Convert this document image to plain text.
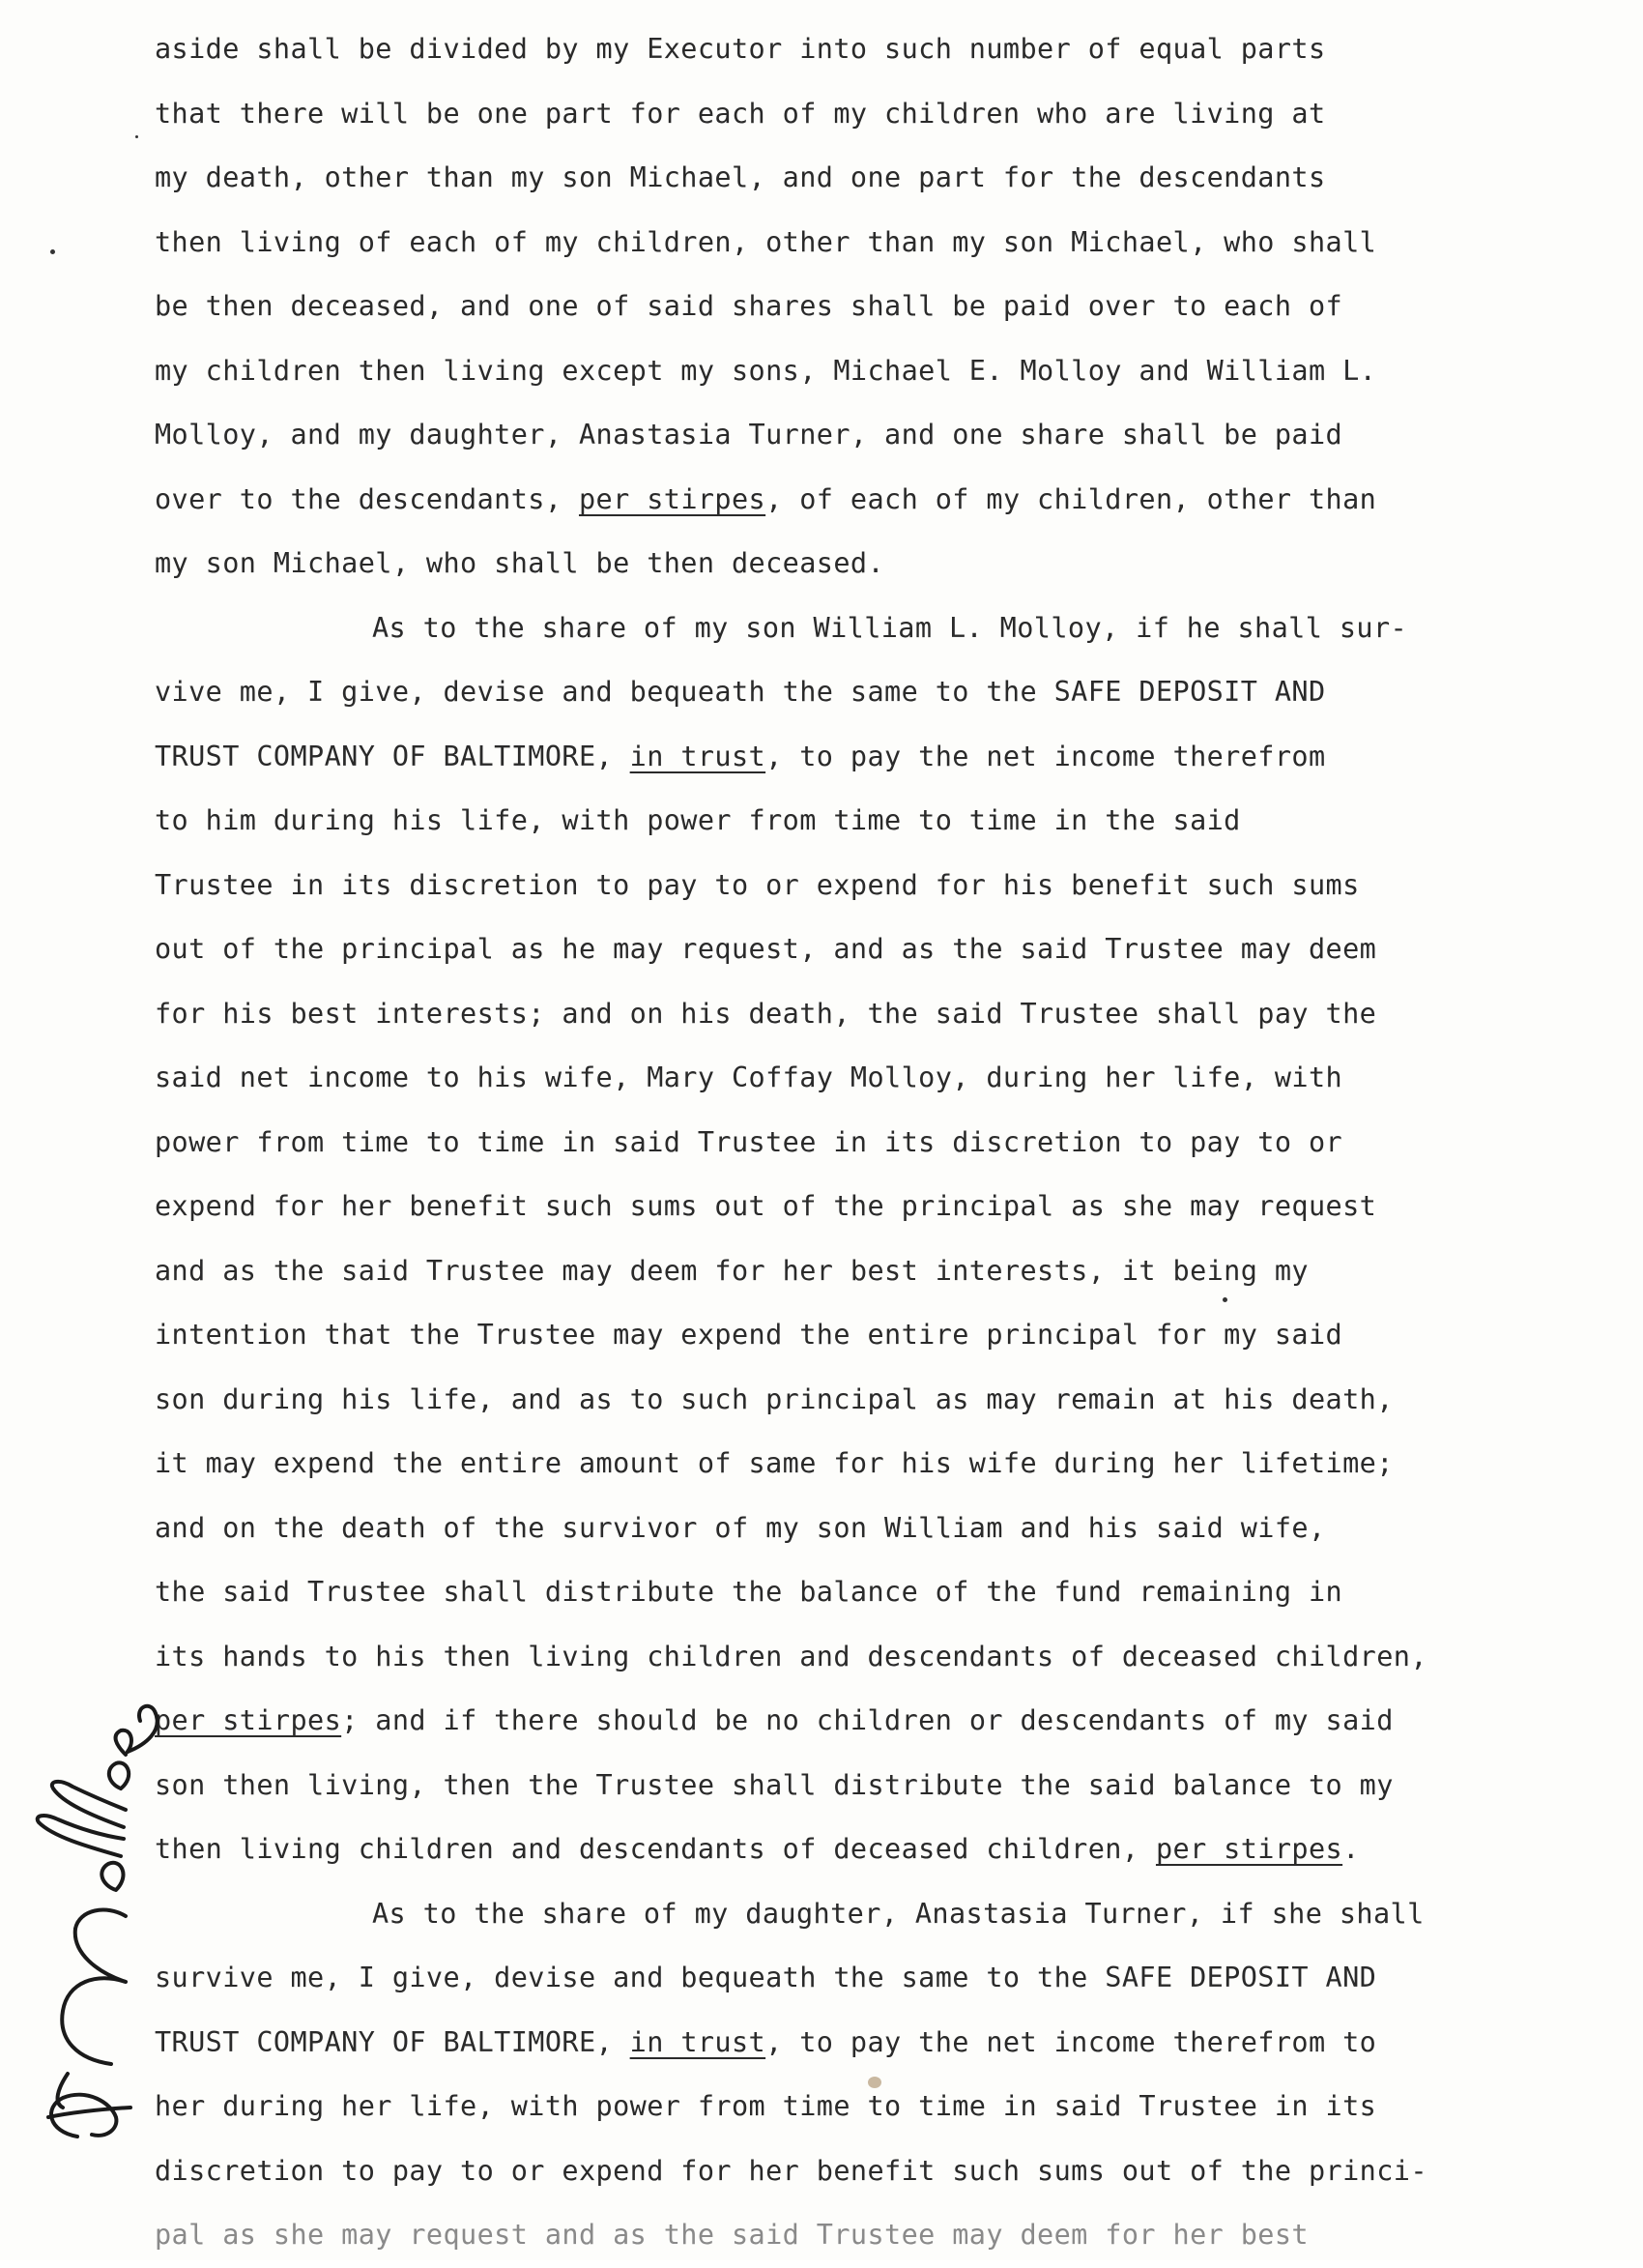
aside shall be divided by my Executor into such number of equal parts
that there will be one part for each of my children who are living at
my death, other than my son Michael, and one part for the descendants
then living of each of my children, other than my son Michael, who shall
be then deceased, and one of said shares shall be paid over to each of
my children then living except my sons, Michael E. Molloy and William L.
Molloy, and my daughter, Anastasia Turner, and one share shall be paid
over to the descendants, per stirpes, of each of my children, other than
my son Michael, who shall be then deceased.
As to the share of my son William L. Molloy, if he shall sur-
vive me, I give, devise and bequeath the same to the SAFE DEPOSIT AND
TRUST COMPANY OF BALTIMORE, in trust, to pay the net income therefrom
to him during his life, with power from time to time in the said
Trustee in its discretion to pay to or expend for his benefit such sums
out of the principal as he may request, and as the said Trustee may deem
for his best interests; and on his death, the said Trustee shall pay the
said net income to his wife, Mary Coffay Molloy, during her life, with
power from time to time in said Trustee in its discretion to pay to or
expend for her benefit such sums out of the principal as she may request
and as the said Trustee may deem for her best interests, it being my
intention that the Trustee may expend the entire principal for my said
son during his life, and as to such principal as may remain at his death,
it may expend the entire amount of same for his wife during her lifetime;
and on the death of the survivor of my son William and his said wife,
the said Trustee shall distribute the balance of the fund remaining in
its hands to his then living children and descendants of deceased children,
per stirpes; and if there should be no children or descendants of my said
son then living, then the Trustee shall distribute the said balance to my
then living children and descendants of deceased children, per stirpes.
As to the share of my daughter, Anastasia Turner, if she shall
survive me, I give, devise and bequeath the same to the SAFE DEPOSIT AND
TRUST COMPANY OF BALTIMORE, in trust, to pay the net income therefrom to
her during her life, with power from time to time in said Trustee in its
discretion to pay to or expend for her benefit such sums out of the princi-
pal as she may request and as the said Trustee may deem for her best
